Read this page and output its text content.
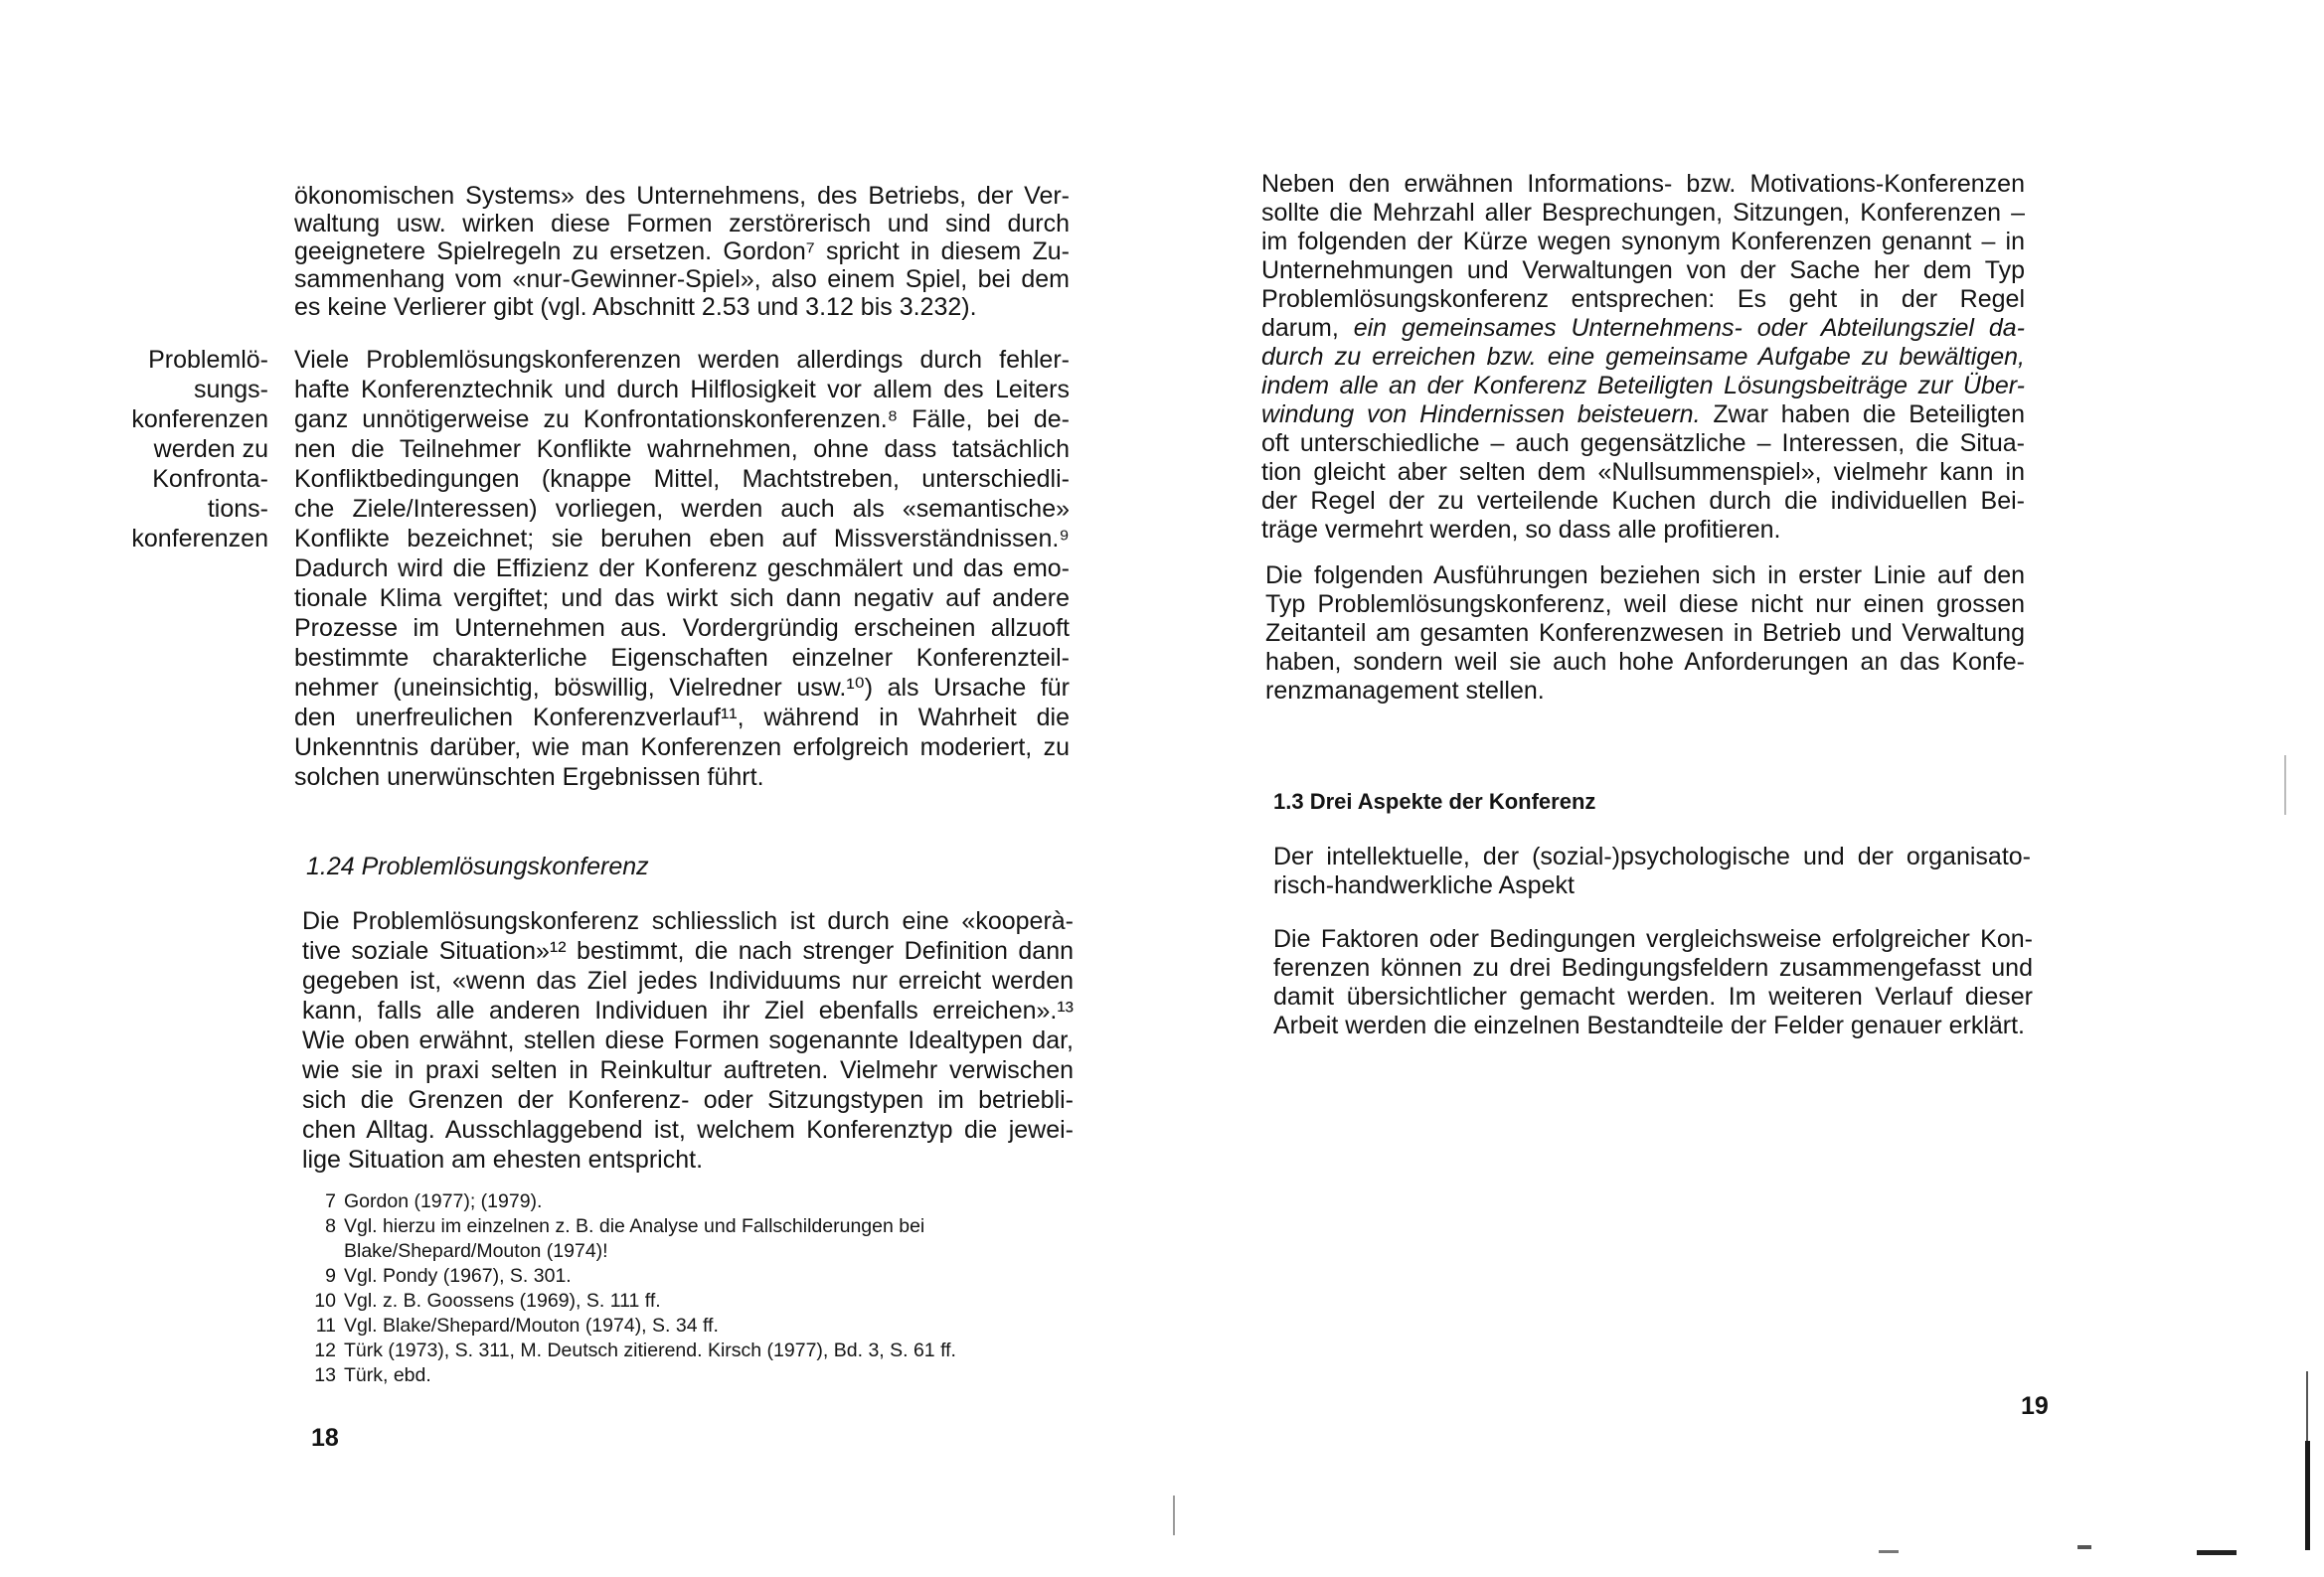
Problemlö-
sungs-
konferenzen
werden zu
Konfronta-
tions-
konferenzen
ökonomischen Systems» des Unternehmens, des Betriebs, der Ver-
waltung usw. wirken diese Formen zerstörerisch und sind durch
geeignetere Spielregeln zu ersetzen. Gordon⁷ spricht in diesem Zu-
sammenhang vom «nur-Gewinner-Spiel», also einem Spiel, bei dem
es keine Verlierer gibt (vgl. Abschnitt 2.53 und 3.12 bis 3.232).
Viele Problemlösungskonferenzen werden allerdings durch fehler-
hafte Konferenztechnik und durch Hilflosigkeit vor allem des Leiters
ganz unnötigerweise zu Konfrontationskonferenzen.⁸ Fälle, bei de-
nen die Teilnehmer Konflikte wahrnehmen, ohne dass tatsächlich
Konfliktbedingungen (knappe Mittel, Machtstreben, unterschiedli-
che Ziele/Interessen) vorliegen, werden auch als «semantische»
Konflikte bezeichnet; sie beruhen eben auf Missverständnissen.⁹
Dadurch wird die Effizienz der Konferenz geschmälert und das emo-
tionale Klima vergiftet; und das wirkt sich dann negativ auf andere
Prozesse im Unternehmen aus. Vordergründig erscheinen allzuoft
bestimmte charakterliche Eigenschaften einzelner Konferenzteil-
nehmer (uneinsichtig, böswillig, Vielredner usw.¹⁰) als Ursache für
den unerfreulichen Konferenzverlauf¹¹, während in Wahrheit die
Unkenntnis darüber, wie man Konferenzen erfolgreich moderiert, zu
solchen unerwünschten Ergebnissen führt.
1.24 Problemlösungskonferenz
Die Problemlösungskonferenz schliesslich ist durch eine «kooperà-
tive soziale Situation»¹² bestimmt, die nach strenger Definition dann
gegeben ist, «wenn das Ziel jedes Individuums nur erreicht werden
kann, falls alle anderen Individuen ihr Ziel ebenfalls erreichen».¹³
Wie oben erwähnt, stellen diese Formen sogenannte Idealtypen dar,
wie sie in praxi selten in Reinkultur auftreten. Vielmehr verwischen
sich die Grenzen der Konferenz- oder Sitzungstypen im betriebli-
chen Alltag. Ausschlaggebend ist, welchem Konferenztyp die jewei-
lige Situation am ehesten entspricht.
7 Gordon (1977); (1979).
8 Vgl. hierzu im einzelnen z. B. die Analyse und Fallschilderungen bei
Blake/Shepard/Mouton (1974)!
9 Vgl. Pondy (1967), S. 301.
10 Vgl. z. B. Goossens (1969), S. 111 ff.
11 Vgl. Blake/Shepard/Mouton (1974), S. 34 ff.
12 Türk (1973), S. 311, M. Deutsch zitierend. Kirsch (1977), Bd. 3, S. 61 ff.
13 Türk, ebd.
18
Neben den erwähnen Informations- bzw. Motivations-Konferenzen
sollte die Mehrzahl aller Besprechungen, Sitzungen, Konferenzen –
im folgenden der Kürze wegen synonym Konferenzen genannt – in
Unternehmungen und Verwaltungen von der Sache her dem Typ
Problemlösungskonferenz entsprechen: Es geht in der Regel
darum, ein gemeinsames Unternehmens- oder Abteilungsziel da-
durch zu erreichen bzw. eine gemeinsame Aufgabe zu bewältigen,
indem alle an der Konferenz Beteiligten Lösungsbeiträge zur Über-
windung von Hindernissen beisteuern. Zwar haben die Beteiligten
oft unterschiedliche – auch gegensätzliche – Interessen, die Situa-
tion gleicht aber selten dem «Nullsummenspiel», vielmehr kann in
der Regel der zu verteilende Kuchen durch die individuellen Bei-
träge vermehrt werden, so dass alle profitieren.
Die folgenden Ausführungen beziehen sich in erster Linie auf den
Typ Problemlösungskonferenz, weil diese nicht nur einen grossen
Zeitanteil am gesamten Konferenzwesen in Betrieb und Verwaltung
haben, sondern weil sie auch hohe Anforderungen an das Konfe-
renzmanagement stellen.
1.3 Drei Aspekte der Konferenz
Der intellektuelle, der (sozial-)psychologische und der organisato-
risch-handwerkliche Aspekt
Die Faktoren oder Bedingungen vergleichsweise erfolgreicher Kon-
ferenzen können zu drei Bedingungsfeldern zusammengefasst und
damit übersichtlicher gemacht werden. Im weiteren Verlauf dieser
Arbeit werden die einzelnen Bestandteile der Felder genauer erklärt.
19
